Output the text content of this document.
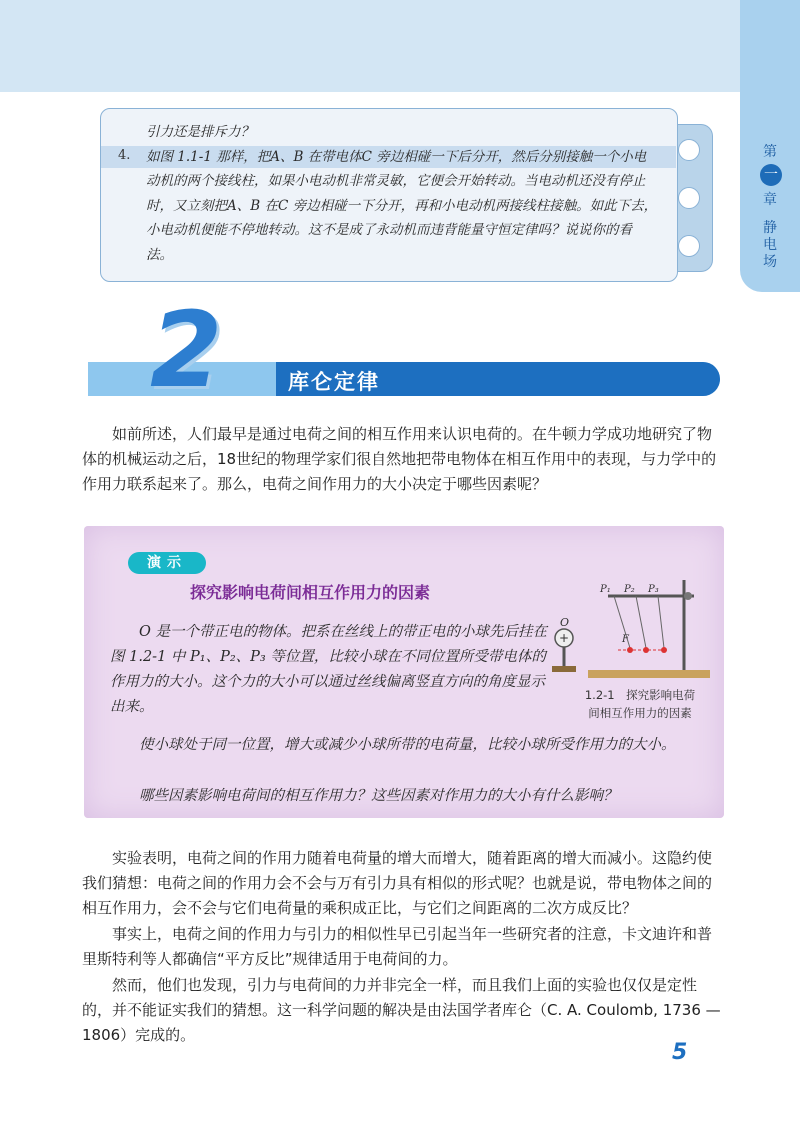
第
一
章
静电场
4.
引力还是排斥力？
如图 1.1-1 那样，把A、B 在带电体C 旁边相碰一下后分开，然后分别接触一个小电动机的两个接线柱，如果小电动机非常灵敏，它便会开始转动。当电动机还没有停止时，又立刻把A、B 在C 旁边相碰一下分开，再和小电动机两接线柱接触。如此下去，小电动机便能不停地转动。这不是成了永动机而违背能量守恒定律吗？说说你的看法。
2	库仑定律
如前所述，人们最早是通过电荷之间的相互作用来认识电荷的。在牛顿力学成功地研究了物体的机械运动之后，18世纪的物理学家们很自然地把带电物体在相互作用中的表现，与力学中的作用力联系起来了。那么，电荷之间作用力的大小决定于哪些因素呢？
演示
探究影响电荷间相互作用力的因素
O 是一个带正电的物体。把系在丝线上的带正电的小球先后挂在图 1.2-1 中 P₁、P₂、P₃ 等位置，比较小球在不同位置所受带电体的作用力的大小。这个力的大小可以通过丝线偏离竖直方向的角度显示出来。
使小球处于同一位置，增大或减少小球所带的电荷量，比较小球所受作用力的大小。
哪些因素影响电荷间的相互作用力？这些因素对作用力的大小有什么影响？
+
O
P₁ P₂ P₃
F
1.2-1　探究影响电荷
间相互作用力的因素
实验表明，电荷之间的作用力随着电荷量的增大而增大，随着距离的增大而减小。这隐约使我们猜想：电荷之间的作用力会不会与万有引力具有相似的形式呢？也就是说，带电物体之间的相互作用力，会不会与它们电荷量的乘积成正比，与它们之间距离的二次方成反比？
事实上，电荷之间的作用力与引力的相似性早已引起当年一些研究者的注意，卡文迪许和普里斯特利等人都确信“平方反比”规律适用于电荷间的力。
然而，他们也发现，引力与电荷间的力并非完全一样，而且我们上面的实验也仅仅是定性的，并不能证实我们的猜想。这一科学问题的解决是由法国学者库仑（C. A. Coulomb, 1736 — 1806）完成的。
5
